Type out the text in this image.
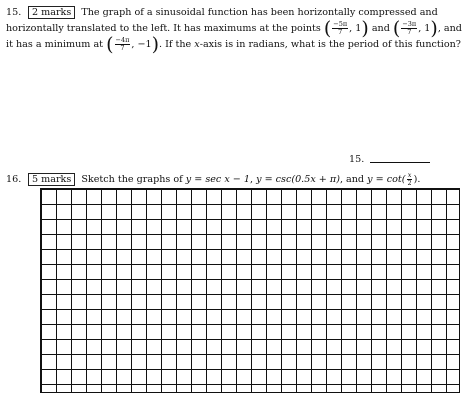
15. 2 marks The graph of a sinusoidal function has been horizontally compressed and horizontally translated to the left. It has maximums at the points ( $\frac{-5\pi}{7}$ , 1) and ( $\frac{-3\pi}{7}$ , 1), and it has a minimum at ( $\frac{-4\pi}{7}$ , −1). If the x-axis is in radians, what is the period of this function?
15.
16. 5 marks Sketch the graphs of y = sec x − 1, y = csc(0.5x + π), and $y = \cot( \frac{x}{2}$ ).
